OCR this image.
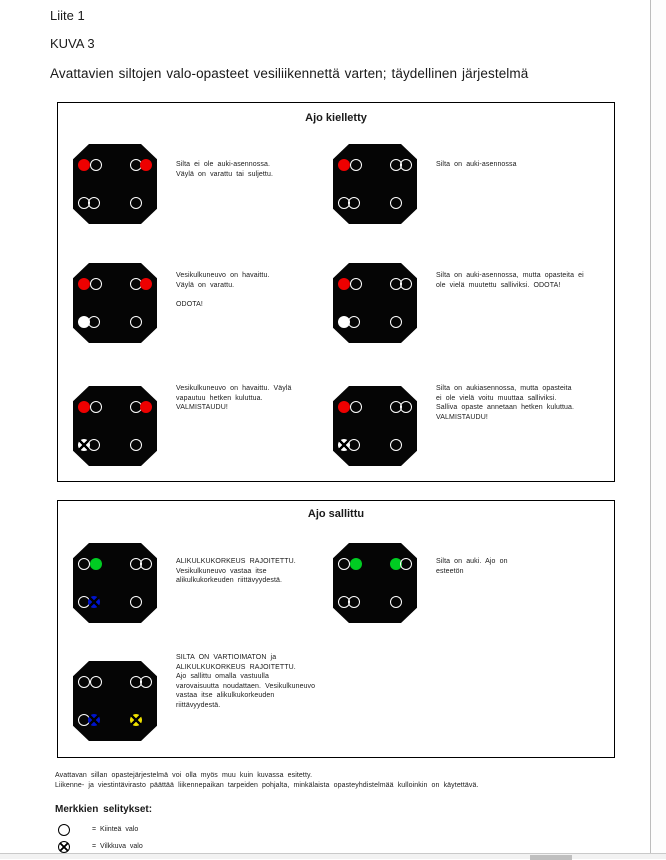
Liite 1
KUVA 3
Avattavien siltojen valo-opasteet vesiliikennettä varten; täydellinen järjestelmä
Ajo kielletty
Silta ei ole auki-asennossa.
Väylä on varattu tai suljettu.
Silta on auki-asennossa
Vesikulkuneuvo on havaittu.
Väylä on varattu.

ODOTA!
Silta on auki-asennossa, mutta opasteita ei
ole vielä muutettu salliviksi. ODOTA!
Vesikulkuneuvo on havaittu. Väylä
vapautuu hetken kuluttua.
VALMISTAUDU!
Silta on aukiasennossa, mutta opasteita
ei ole vielä voitu muuttaa salliviksi.
Salliva opaste annetaan hetken kuluttua.
VALMISTAUDU!
Ajo sallittu
ALIKULKUKORKEUS RAJOITETTU.
Vesikulkuneuvo vastaa itse
alikulkukorkeuden riittävyydestä.
Silta on auki. Ajo on
esteetön
SILTA ON VARTIOIMATON ja
ALIKULKUKORKEUS RAJOITETTU.
Ajo sallittu omalla vastuulla
varovaisuutta noudattaen. Vesikulkuneuvo
vastaa itse alikulkukorkeuden
riittävyydestä.
Avattavan sillan opastejärjestelmä voi olla myös muu kuin kuvassa esitetty.
Liikenne- ja viestintävirasto päättää liikennepaikan tarpeiden pohjalta, minkälaista opasteyhdistelmää kulloinkin on käytettävä.
Merkkien selitykset:
= Kiinteä valo
= Vilkkuva valo
